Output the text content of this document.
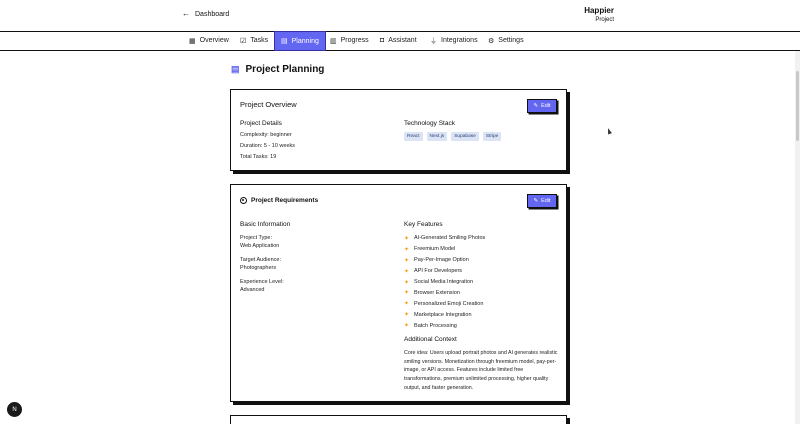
← Dashboard	Happier
Project
▦ Overview ☑ Tasks ▤ Planning ▥ Progress ◘ Assistant ⏚ Integrations ⚙ Settings
▤ Project Planning
Project Overview	✎ Edit
Project Details
Complexity: beginner
Duration: 5 - 10 weeks
Total Tasks: 19
Technology Stack
React	Next.js	Supabase	Stripe
Project Requirements	✎ Edit
Basic Information
Project Type:
Web Application
Target Audience:
Photographers
Experience Level:
Advanced
Key Features
✦ AI-Generated Smiling Photos
✦ Freemium Model
✦ Pay-Per-Image Option
✦ API For Developers
✦ Social Media Integration
✦ Browser Extension
✦ Personalized Emoji Creation
✦ Marketplace Integration
✦ Batch Processing
Additional Context
Core idea: Users upload portrait photos and AI generates realistic smiling versions. Monetization through freemium model, pay-per-image, or API access. Features include limited free transformations, premium unlimited processing, higher quality output, and faster generation.
N
